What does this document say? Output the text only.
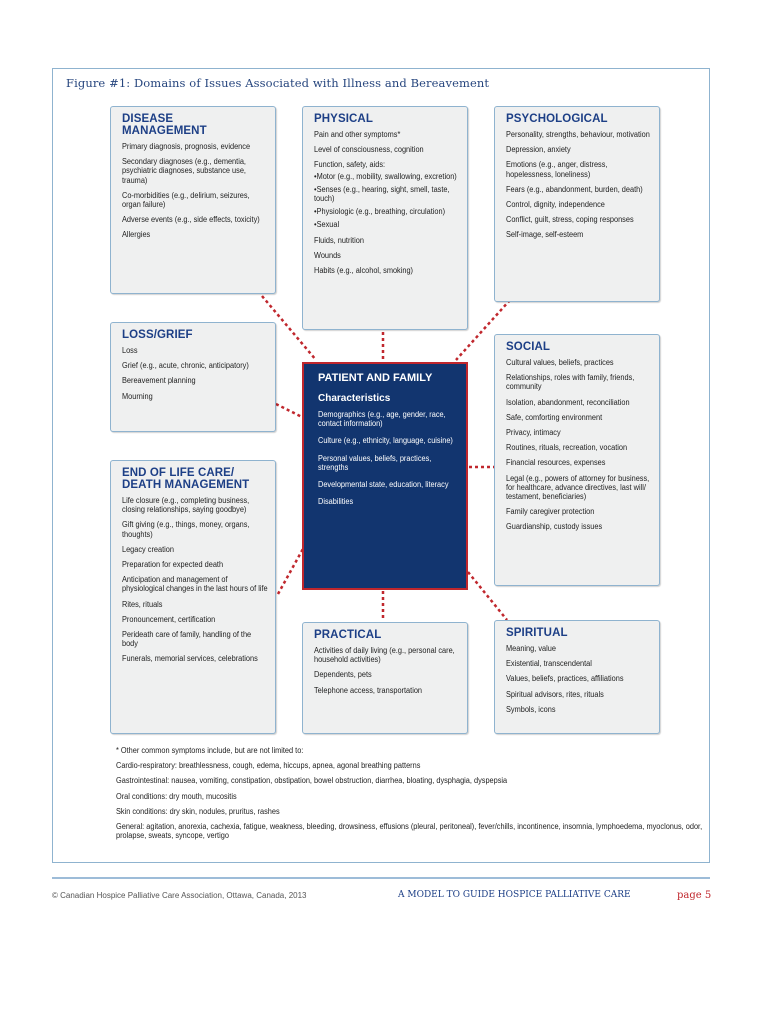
Figure #1: Domains of Issues Associated with Illness and Bereavement
DISEASE
MANAGEMENT
Primary diagnosis, prognosis, evidence
Secondary diagnoses (e.g., dementia, psychiatric diagnoses, substance use, trauma)
Co-morbidities (e.g., delirium, seizures, organ failure)
Adverse events (e.g., side effects, toxicity)
Allergies
PHYSICAL
Pain and other symptoms*
Level of consciousness, cognition
Function, safety, aids:
• Motor (e.g., mobility, swallowing, excretion)
• Senses (e.g., hearing, sight, smell, taste, touch)
• Physiologic (e.g., breathing, circulation)
• Sexual
Fluids, nutrition
Wounds
Habits (e.g., alcohol, smoking)
PSYCHOLOGICAL
Personality, strengths, behaviour, motivation
Depression, anxiety
Emotions (e.g., anger, distress, hopelessness, loneliness)
Fears (e.g., abandonment, burden, death)
Control, dignity, independence
Conflict, guilt, stress, coping responses
Self-image, self-esteem
LOSS/GRIEF
Loss
Grief (e.g., acute, chronic, anticipatory)
Bereavement planning
Mourning
SOCIAL
Cultural values, beliefs, practices
Relationships, roles with family, friends, community
Isolation, abandonment, reconciliation
Safe, comforting environment
Privacy, intimacy
Routines, rituals, recreation, vocation
Financial resources, expenses
Legal (e.g., powers of attorney for business, for healthcare, advance directives, last will/ testament, beneficiaries)
Family caregiver protection
Guardianship, custody issues
PATIENT AND FAMILY
Characteristics
Demographics (e.g., age, gender, race, contact information)
Culture (e.g., ethnicity, language, cuisine)
Personal values, beliefs, practices, strengths
Developmental state, education, literacy
Disabilities
END OF LIFE CARE/
DEATH MANAGEMENT
Life closure (e.g., completing business, closing relationships, saying goodbye)
Gift giving (e.g., things, money, organs, thoughts)
Legacy creation
Preparation for expected death
Anticipation and management of physiological changes in the last hours of life
Rites, rituals
Pronouncement, certification
Perideath care of family, handling of the body
Funerals, memorial services, celebrations
PRACTICAL
Activities of daily living (e.g., personal care, household activities)
Dependents, pets
Telephone access, transportation
SPIRITUAL
Meaning, value
Existential, transcendental
Values, beliefs, practices, affiliations
Spiritual advisors, rites, rituals
Symbols, icons

* Other common symptoms include, but are not limited to:

Cardio-respiratory: breathlessness, cough, edema, hiccups, apnea, agonal breathing patterns

Gastrointestinal: nausea, vomiting, constipation, obstipation, bowel obstruction, diarrhea, bloating, dysphagia, dyspepsia

Oral conditions: dry mouth, mucositis

Skin conditions: dry skin, nodules, pruritus, rashes

General: agitation, anorexia, cachexia, fatigue, weakness, bleeding, drowsiness, effusions (pleural, peritoneal), fever/chills, incontinence, insomnia, lymphoedema, myoclonus, odor, prolapse, sweats, syncope, vertigo

© Canadian Hospice Palliative Care Association, Ottawa, Canada, 2013	A MODEL TO GUIDE HOSPICE PALLIATIVE CARE	page 5
